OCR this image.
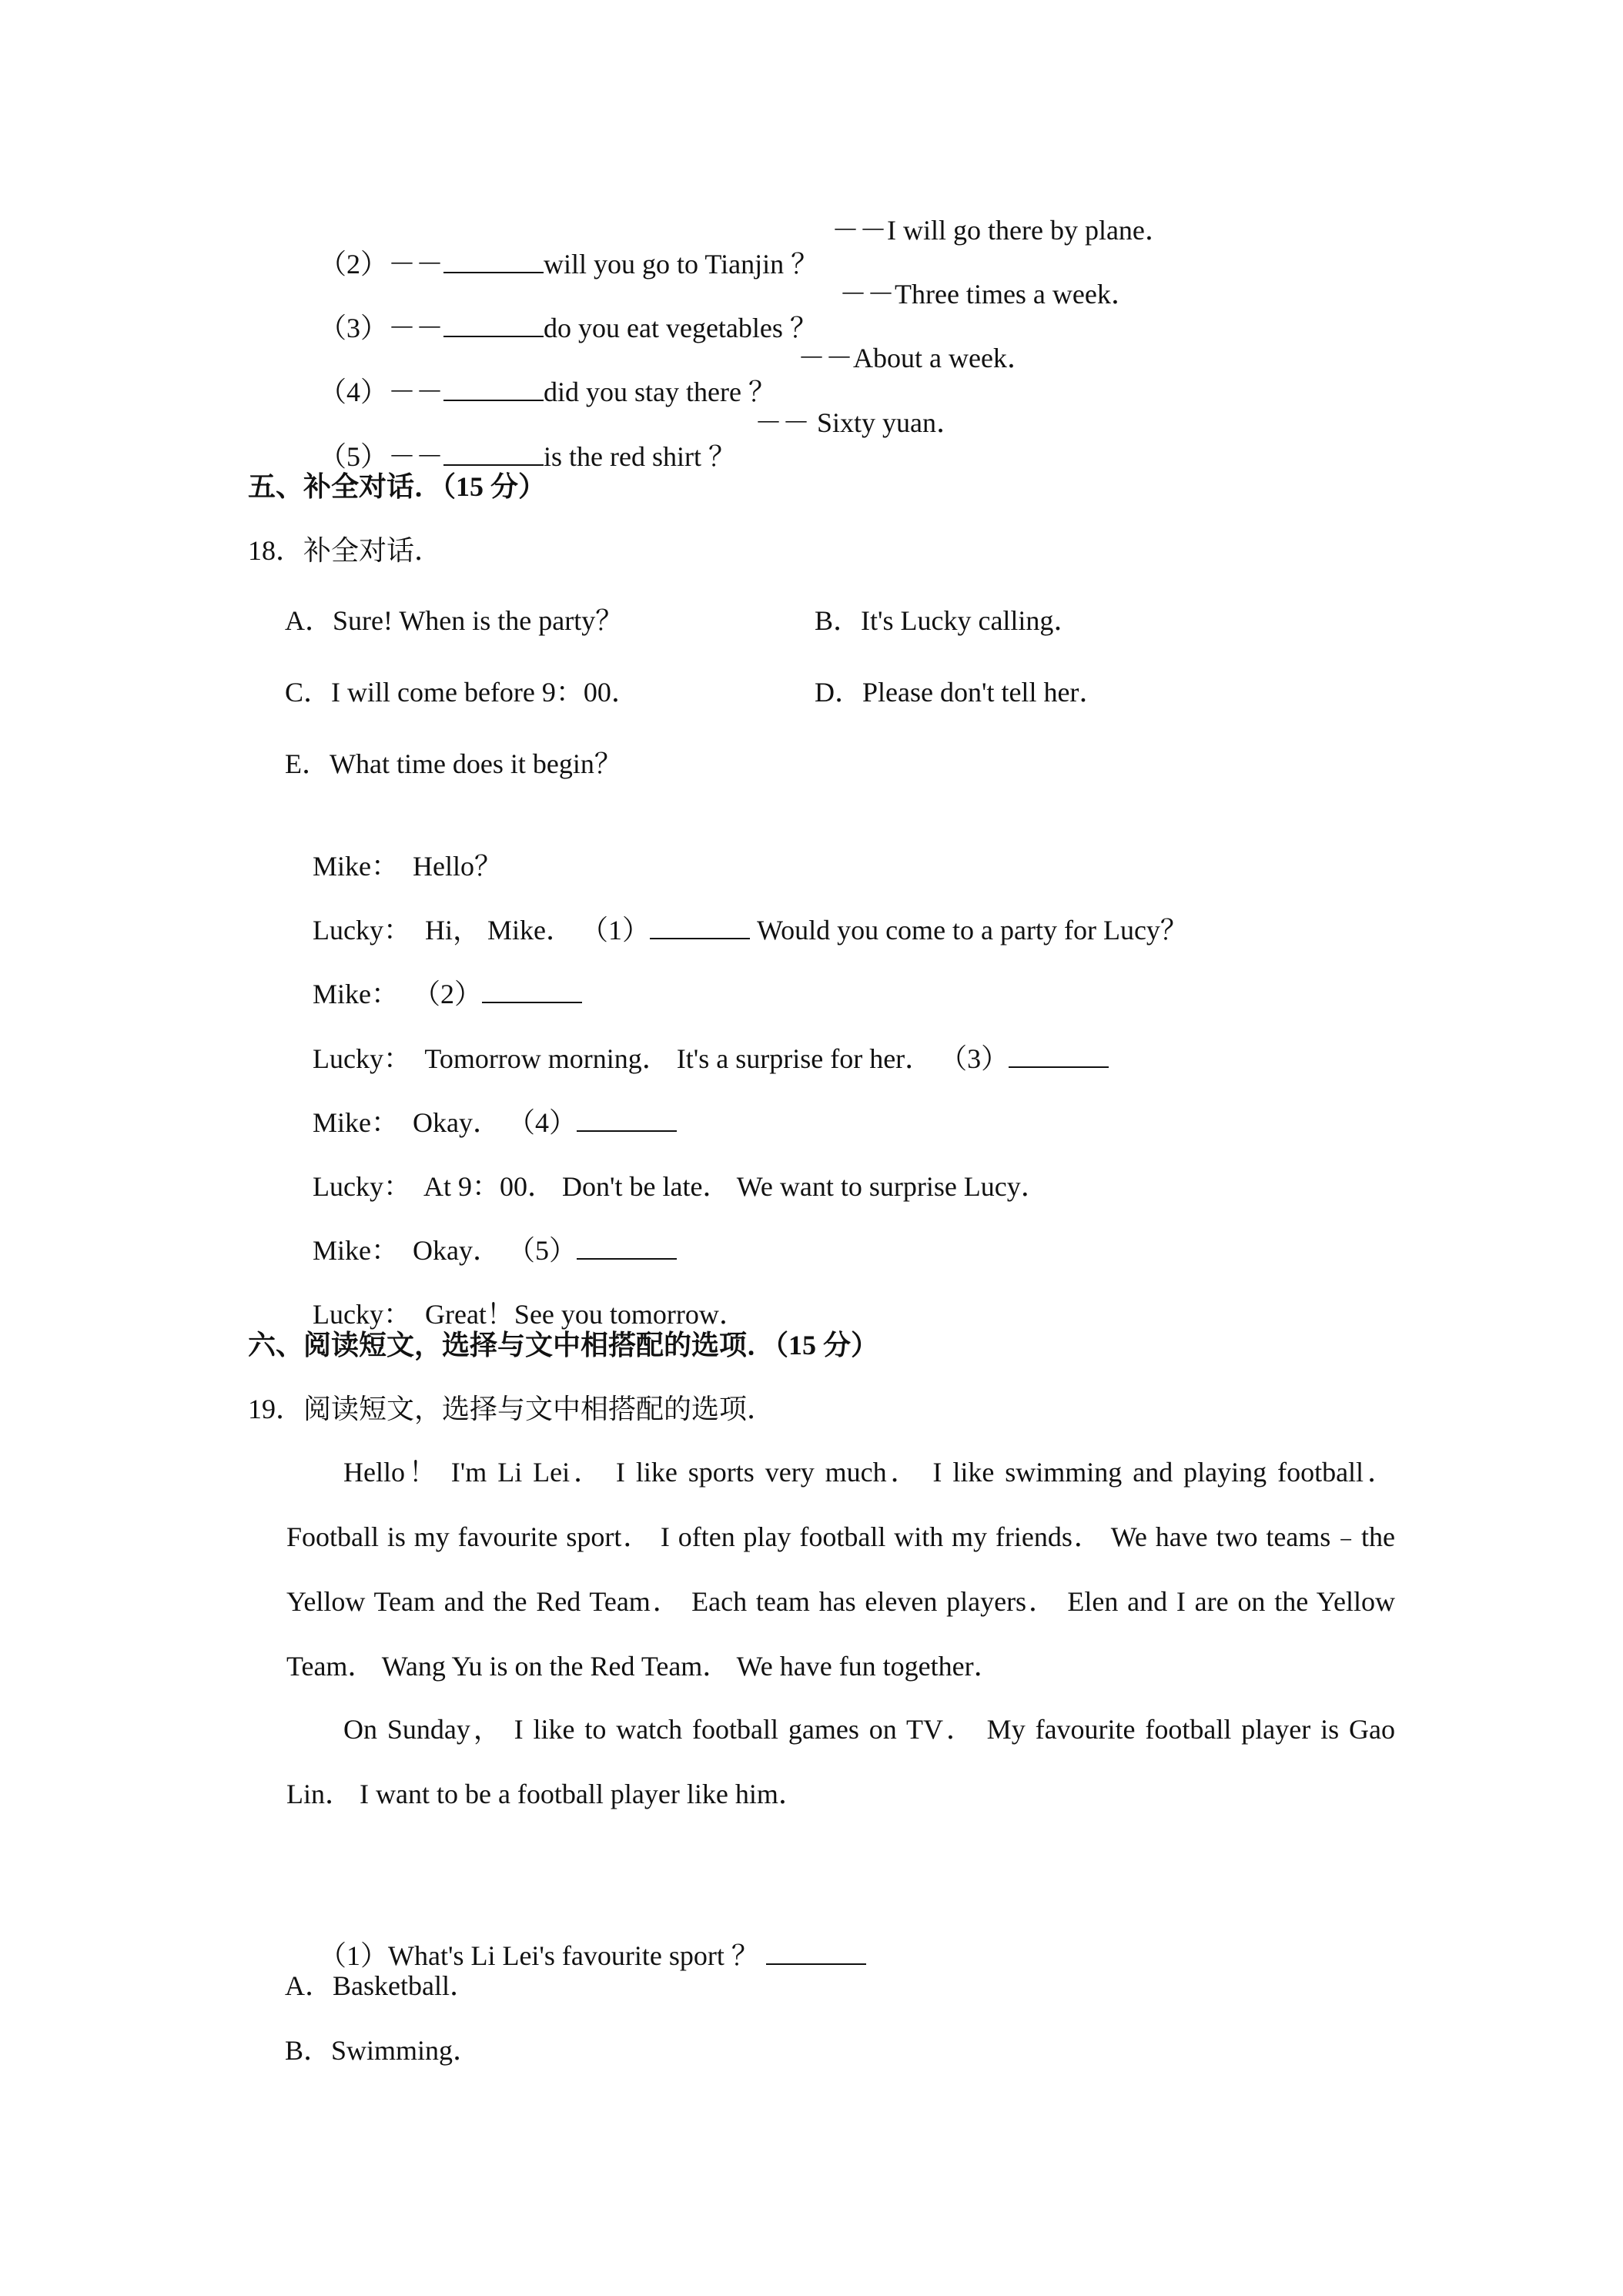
（2）－－	will you go to Tianjin ？

－－I will go there by plane．

（3）－－	do you eat vegetables ？

－－Three times a week．

（4）－－	did you stay there ？

－－About a week．

（5）－－	is the red shirt ？

－－ Sixty yuan．
五、补全对话．（15 分）
18．补全对话．
A．Sure! When is the party？	B．It's Lucky calling．
C．I will come before 9：00．	D．Please don't tell her．
E．What time does it begin？

Mike： Hello？

Lucky： Hi， Mike． （1）	Would you come to a party for Lucy？

Mike： （2）

Lucky： Tomorrow morning． It's a surprise for her． （3）

Mike： Okay． （4）

Lucky： At 9：00． Don't be late． We want to surprise Lucy．

Mike： Okay． （5）

Lucky： Great！See you tomorrow．

六、阅读短文，选择与文中相搭配的选项．（15 分）
19．阅读短文，选择与文中相搭配的选项．
Hello！ I'm Li Lei． I like sports very much． I like swimming and playing football． Football is my favourite sport． I often play football with my friends． We have two teams﹣the Yellow Team and the Red Team． Each team has eleven players． Elen and I are on the Yellow Team． Wang Yu is on the Red Team． We have fun together．
On Sunday， I like to watch football games on TV． My favourite football player is Gao Lin． I want to be a football player like him．

（1）What's Li Lei's favourite sport ？

A．Basketball．
B．Swimming．
